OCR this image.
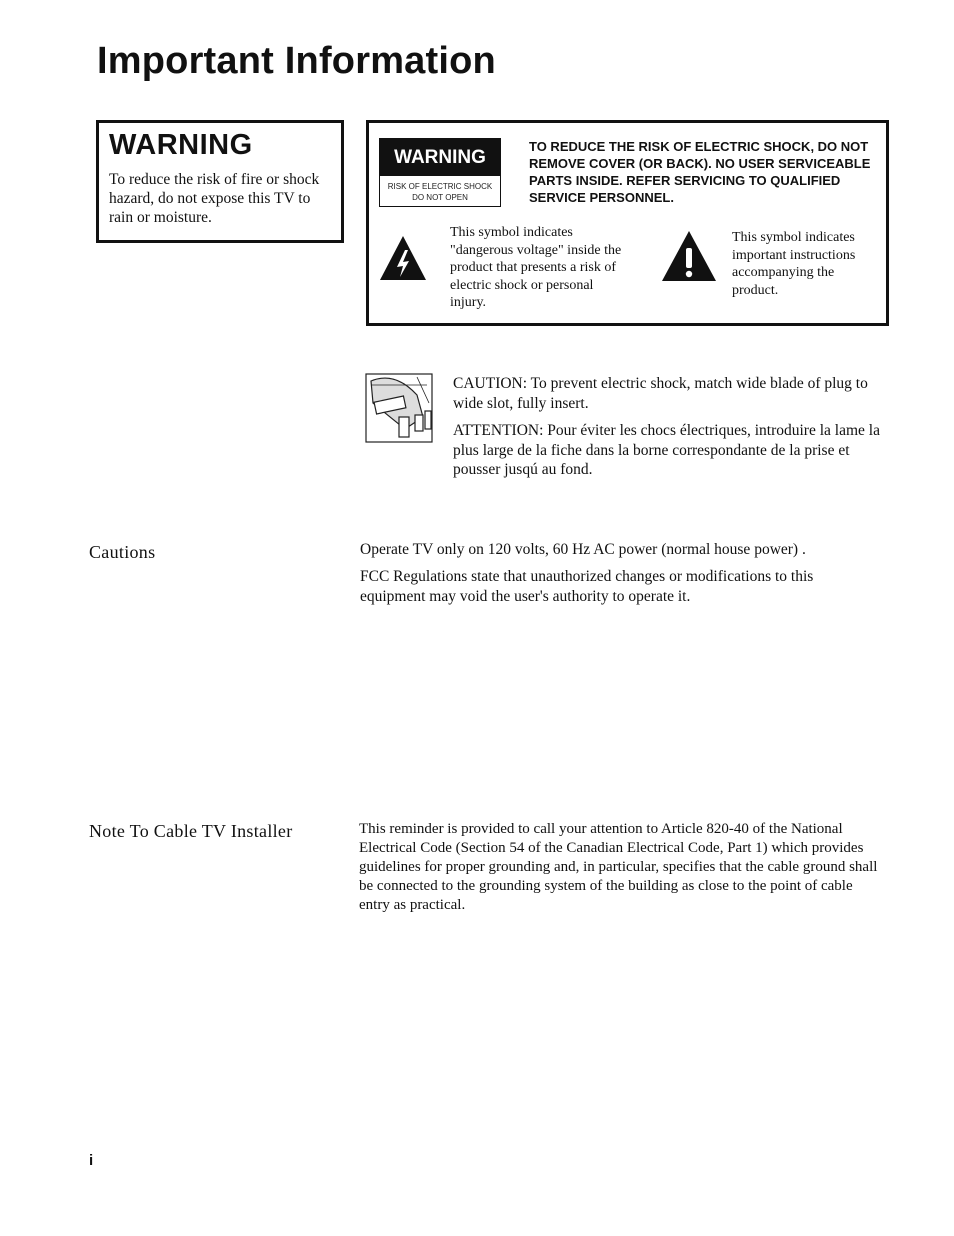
Important Information
WARNING

To reduce the risk of fire or shock hazard, do not expose this TV to rain or moisture.

WARNING
RISK OF ELECTRIC SHOCK
DO NOT OPEN

TO REDUCE THE RISK OF ELECTRIC SHOCK, DO NOT REMOVE COVER (OR BACK). NO USER SERVICEABLE PARTS INSIDE. REFER SERVICING TO QUALIFIED SERVICE PERSONNEL.

This symbol indicates "dangerous voltage" inside the product that presents a risk of electric shock or personal injury.

This symbol indicates important instructions accompanying the product.

CAUTION: To prevent electric shock, match wide blade of plug to wide slot, fully insert.

ATTENTION: Pour éviter les chocs électriques, introduire la lame la plus large de la fiche dans la borne correspondante de la prise et pousser jusqú au fond.

Cautions	Operate TV only on 120 volts, 60 Hz AC power (normal house power) .

FCC Regulations state that unauthorized changes or modifications to this equipment may void the user's authority to operate it.

Note To Cable TV Installer	This reminder is provided to call your attention to Article 820-40 of the National Electrical Code (Section 54 of the Canadian Electrical Code, Part 1) which provides guidelines for proper grounding and, in particular, specifies that the cable ground shall be connected to the grounding system of the building as close to the point of cable entry as practical.

i
